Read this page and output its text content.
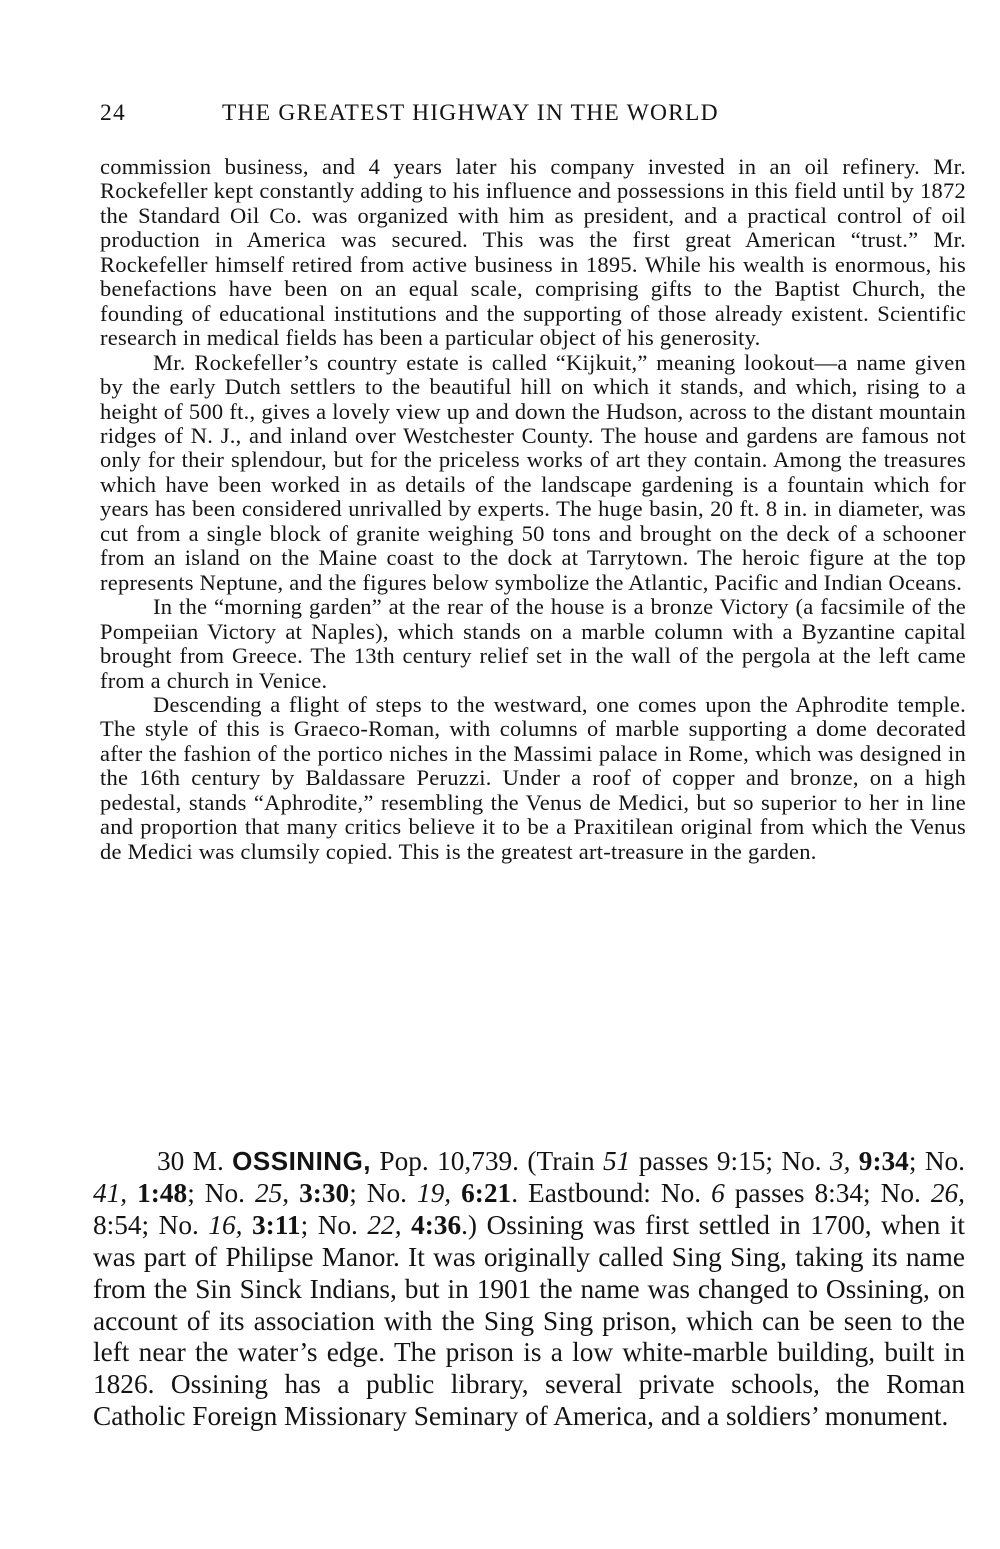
24	THE GREATEST HIGHWAY IN THE WORLD

commission business, and 4 years later his company invested in an oil refinery. Mr. Rockefeller kept constantly adding to his influence and possessions in this field until by 1872 the Standard Oil Co. was organized with him as president, and a practical control of oil production in America was secured. This was the first great American “trust.” Mr. Rockefeller himself retired from active business in 1895. While his wealth is enormous, his benefactions have been on an equal scale, comprising gifts to the Baptist Church, the founding of educational institutions and the supporting of those already existent. Scientific research in medical fields has been a particular object of his generosity.

Mr. Rockefeller’s country estate is called “Kijkuit,” meaning lookout—a name given by the early Dutch settlers to the beautiful hill on which it stands, and which, rising to a height of 500 ft., gives a lovely view up and down the Hudson, across to the distant mountain ridges of N. J., and inland over Westchester County. The house and gardens are famous not only for their splendour, but for the priceless works of art they contain. Among the treasures which have been worked in as details of the landscape gardening is a fountain which for years has been considered unrivalled by experts. The huge basin, 20 ft. 8 in. in diameter, was cut from a single block of granite weighing 50 tons and brought on the deck of a schooner from an island on the Maine coast to the dock at Tarrytown. The heroic figure at the top represents Neptune, and the figures below symbolize the Atlantic, Pacific and Indian Oceans.

In the “morning garden” at the rear of the house is a bronze Victory (a facsimile of the Pompeiian Victory at Naples), which stands on a marble column with a Byzantine capital brought from Greece. The 13th century relief set in the wall of the pergola at the left came from a church in Venice.

Descending a flight of steps to the westward, one comes upon the Aphrodite temple. The style of this is Graeco-Roman, with columns of marble supporting a dome decorated after the fashion of the portico niches in the Massimi palace in Rome, which was designed in the 16th century by Baldassare Peruzzi. Under a roof of copper and bronze, on a high pedestal, stands “Aphrodite,” resembling the Venus de Medici, but so superior to her in line and proportion that many critics believe it to be a Praxitilean original from which the Venus de Medici was clumsily copied. This is the greatest art-treasure in the garden.

30 M. OSSINING, Pop. 10,739. (Train 51 passes 9:15; No. 3, 9:34; No. 41, 1:48; No. 25, 3:30; No. 19, 6:21. Eastbound: No. 6 passes 8:34; No. 26, 8:54; No. 16, 3:11; No. 22, 4:36.) Ossining was first settled in 1700, when it was part of Philipse Manor. It was originally called Sing Sing, taking its name from the Sin Sinck Indians, but in 1901 the name was changed to Ossining, on account of its association with the Sing Sing prison, which can be seen to the left near the water’s edge. The prison is a low white-marble building, built in 1826. Ossining has a public library, several private schools, the Roman Catholic Foreign Missionary Seminary of America, and a soldiers’ monument.
